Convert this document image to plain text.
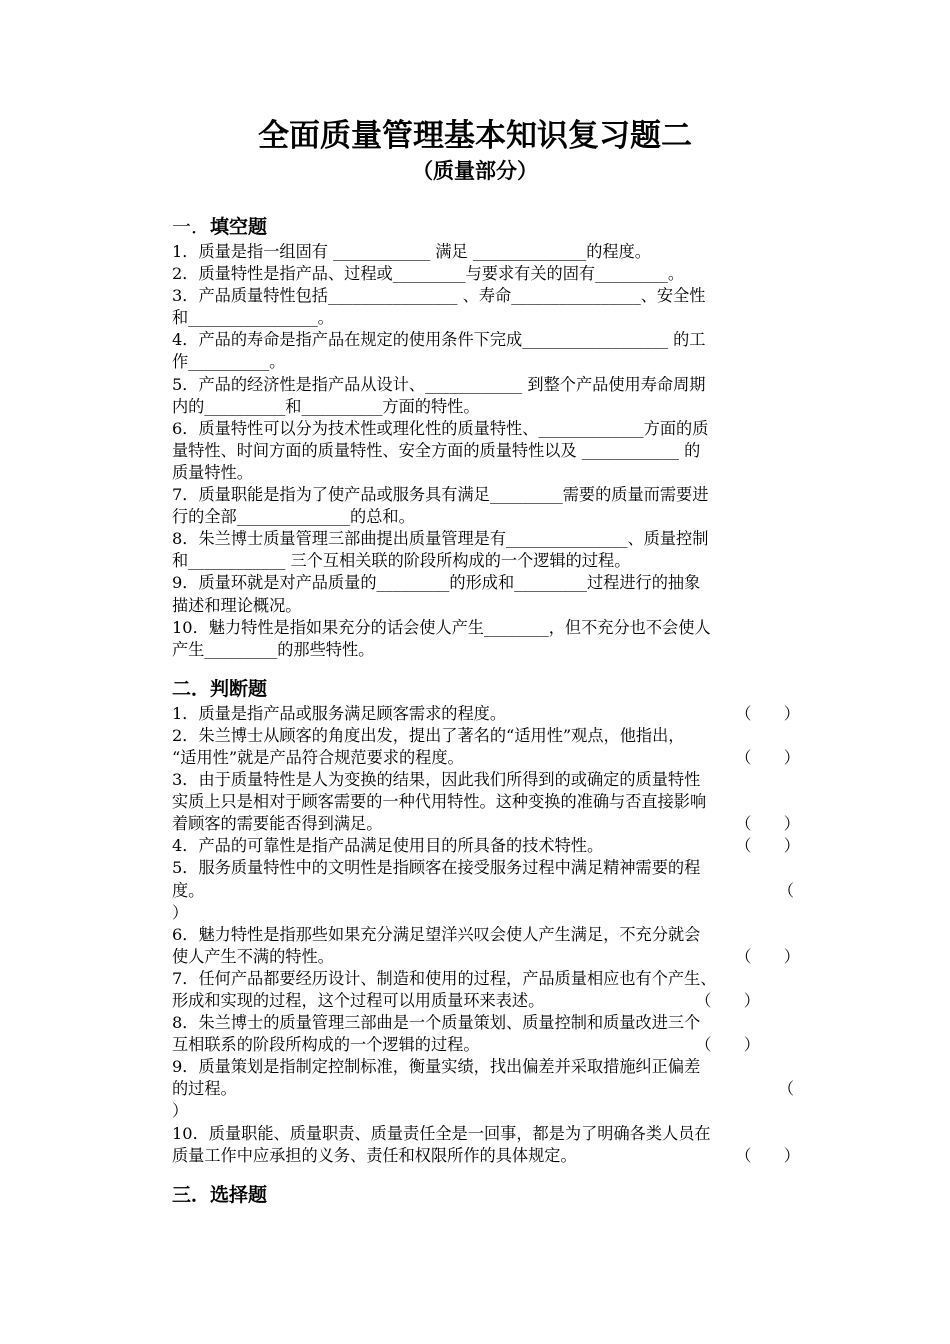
全面质量管理基本知识复习题二
（质量部分）
一．填空题
1．质量是指一组固有 ____________ 满足 ______________的程度。
2．质量特性是指产品、过程或_________与要求有关的固有_________。
3．产品质量特性包括________________ 、寿命________________、安全性
和________________。
4．产品的寿命是指产品在规定的使用条件下完成__________________ 的工
作__________。
5．产品的经济性是指产品从设计、____________ 到整个产品使用寿命周期
内的__________和__________方面的特性。
6．质量特性可以分为技术性或理化性的质量特性、_____________方面的质
量特性、时间方面的质量特性、安全方面的质量特性以及 ____________ 的
质量特性。
7．质量职能是指为了使产品或服务具有满足_________需要的质量而需要进
行的全部______________的总和。
8．朱兰博士质量管理三部曲提出质量管理是有_______________、质量控制
和____________ 三个互相关联的阶段所构成的一个逻辑的过程。
9．质量环就是对产品质量的_________的形成和_________过程进行的抽象
描述和理论概况。
10．魅力特性是指如果充分的话会使人产生________，但不充分也不会使人
产生_________的那些特性。
二．判断题
1．质量是指产品或服务满足顾客需求的程度。	（　　）
2．朱兰博士从顾客的角度出发，提出了著名的“适用性”观点，他指出，
“适用性”就是产品符合规范要求的程度。	（　　）
3．由于质量特性是人为变换的结果，因此我们所得到的或确定的质量特性
实质上只是相对于顾客需要的一种代用特性。这种变换的准确与否直接影响
着顾客的需要能否得到满足。	（　　）
4．产品的可靠性是指产品满足使用目的所具备的技术特性。	（　　）
5．服务质量特性中的文明性是指顾客在接受服务过程中满足精神需要的程
度。	（
）
6．魅力特性是指那些如果充分满足望洋兴叹会使人产生满足，不充分就会
使人产生不满的特性。	（　　）
7．任何产品都要经历设计、制造和使用的过程，产品质量相应也有个产生、
形成和实现的过程，这个过程可以用质量环来表述。	（　　）
8．朱兰博士的质量管理三部曲是一个质量策划、质量控制和质量改进三个
互相联系的阶段所构成的一个逻辑的过程。	（　　）
9．质量策划是指制定控制标准，衡量实绩，找出偏差并采取措施纠正偏差
的过程。	（
）
10．质量职能、质量职责、质量责任全是一回事，都是为了明确各类人员在
质量工作中应承担的义务、责任和权限所作的具体规定。	（　　）
三．选择题
